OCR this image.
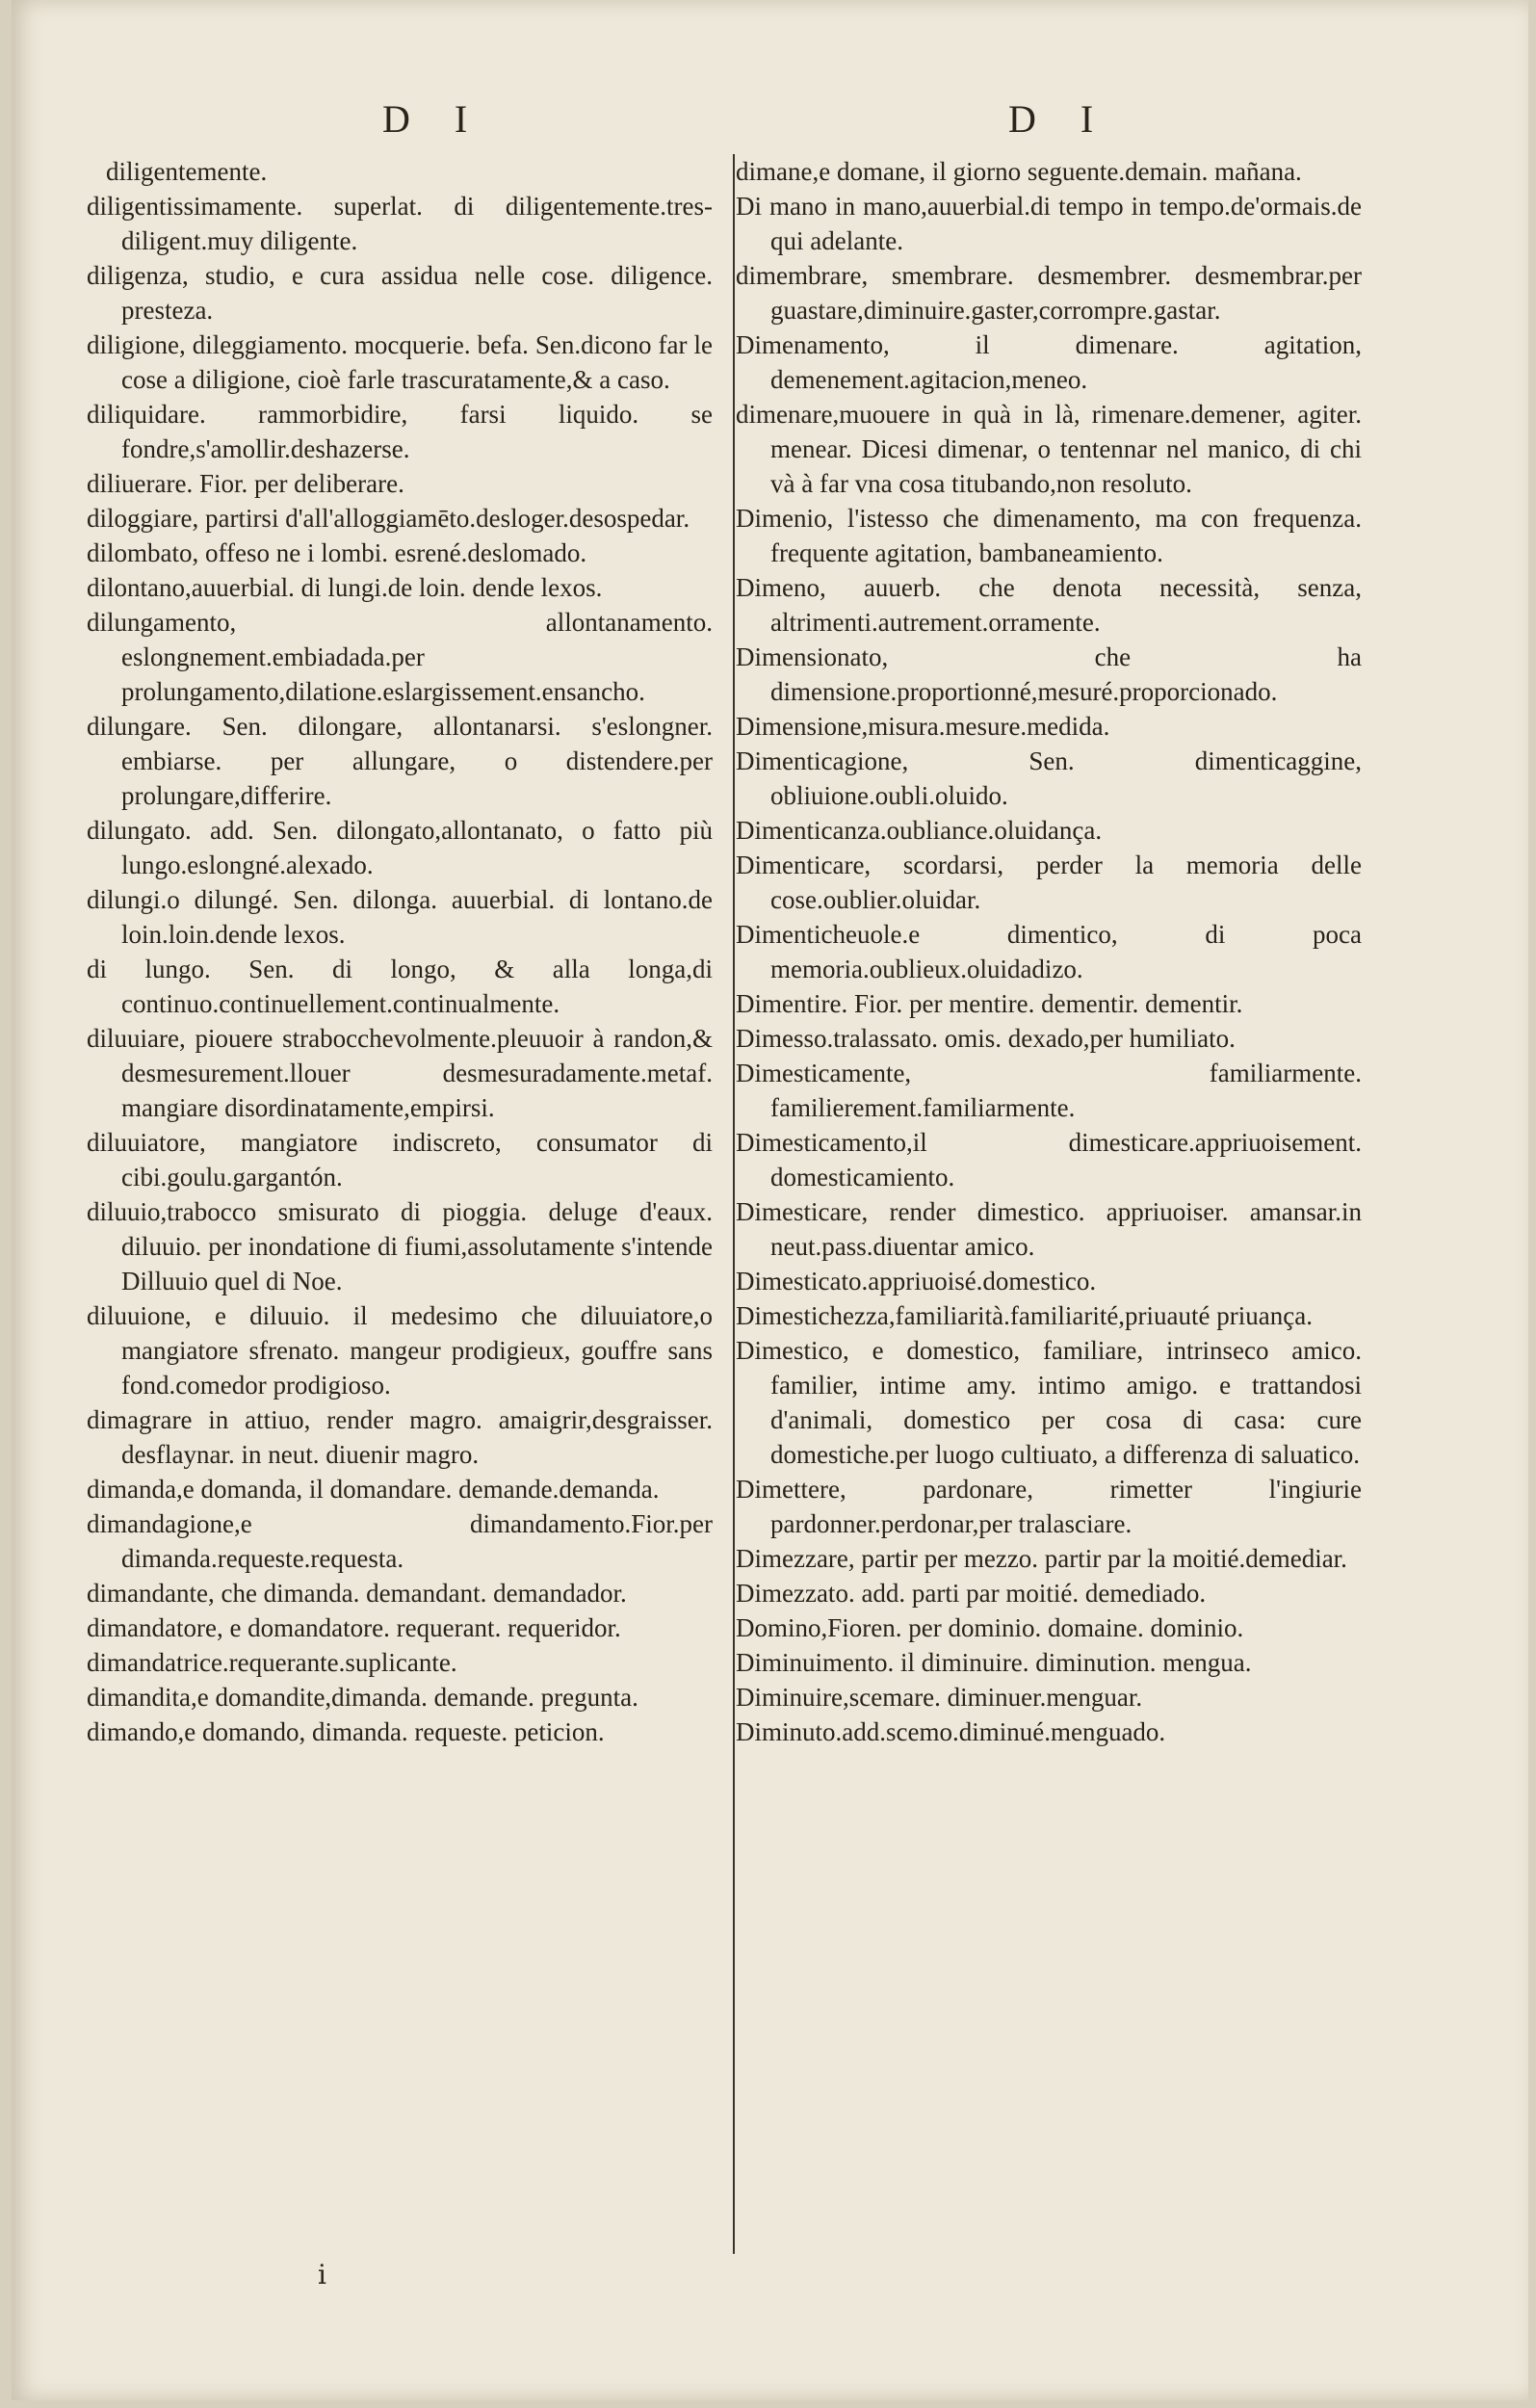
D I	D I

diligentemente.

diligentissimamente. superlat. di diligentemente.tres-diligent.muy diligente.

diligenza, studio, e cura assidua nelle cose. diligence. presteza.

diligione, dileggiamento. mocquerie. befa. Sen.dicono far le cose a diligione, cioè farle trascuratamente,& a caso.

diliquidare. rammorbidire, farsi liquido. se fondre,s'amollir.deshazerse.

diliuerare. Fior. per deliberare.

diloggiare, partirsi d'all'alloggiamēto.desloger.desospedar.

dilombato, offeso ne i lombi. esrené.deslomado.

dilontano,auuerbial. di lungi.de loin. dende lexos.

dilungamento, allontanamento. eslongnement.embiadada.per prolungamento,dilatione.eslargissement.ensancho.

dilungare. Sen. dilongare, allontanarsi. s'eslongner. embiarse. per allungare, o distendere.per prolungare,differire.

dilungato. add. Sen. dilongato,allontanato, o fatto più lungo.eslongné.alexado.

dilungi.o dilungé. Sen. dilonga. auuerbial. di lontano.de loin.loin.dende lexos.

di lungo. Sen. di longo, & alla longa,di continuo.continuellement.continualmente.

diluuiare, piouere strabocchevolmente.pleuuoir à randon,& desmesurement.llouer desmesuradamente.metaf. mangiare disordinatamente,empirsi.

diluuiatore, mangiatore indiscreto, consumator di cibi.goulu.gargantón.

diluuio,trabocco smisurato di pioggia. deluge d'eaux. diluuio. per inondatione di fiumi,assolutamente s'intende Dilluuio quel di Noe.

diluuione, e diluuio. il medesimo che diluuiatore,o mangiatore sfrenato. mangeur prodigieux, gouffre sans fond.comedor prodigioso.

dimagrare in attiuo, render magro. amaigrir,desgraisser. desflaynar. in neut. diuenir magro.

dimanda,e domanda, il domandare. demande.demanda.

dimandagione,e dimandamento.Fior.per dimanda.requeste.requesta.

dimandante, che dimanda. demandant. demandador.

dimandatore, e domandatore. requerant. requeridor.

dimandatrice.requerante.suplicante.

dimandita,e domandite,dimanda. demande. pregunta.

dimando,e domando, dimanda. requeste. peticion.

dimane,e domane, il giorno seguente.demain. mañana.

Di mano in mano,auuerbial.di tempo in tempo.de'ormais.de qui adelante.

dimembrare, smembrare. desmembrer. desmembrar.per guastare,diminuire.gaster,corrompre.gastar.

Dimenamento, il dimenare. agitation, demenement.agitacion,meneo.

dimenare,muouere in quà in là, rimenare.demener, agiter. menear. Dicesi dimenar, o tentennar nel manico, di chi và à far vna cosa titubando,non resoluto.

Dimenio, l'istesso che dimenamento, ma con frequenza. frequente agitation, bambaneamiento.

Dimeno, auuerb. che denota necessità, senza, altrimenti.autrement.orramente.

Dimensionato, che ha dimensione.proportionné,mesuré.proporcionado.

Dimensione,misura.mesure.medida.

Dimenticagione, Sen. dimenticaggine, obliuione.oubli.oluido.

Dimenticanza.oubliance.oluidança.

Dimenticare, scordarsi, perder la memoria delle cose.oublier.oluidar.

Dimenticheuole.e dimentico, di poca memoria.oublieux.oluidadizo.

Dimentire. Fior. per mentire. dementir. dementir.

Dimesso.tralassato. omis. dexado,per humiliato.

Dimesticamente, familiarmente. familierement.familiarmente.

Dimesticamento,il dimesticare.appriuoisement. domesticamiento.

Dimesticare, render dimestico. appriuoiser. amansar.in neut.pass.diuentar amico.

Dimesticato.appriuoisé.domestico.

Dimestichezza,familiarità.familiarité,priuauté priuança.

Dimestico, e domestico, familiare, intrinseco amico. familier, intime amy. intimo amigo. e trattandosi d'animali, domestico per cosa di casa: cure domestiche.per luogo cultiuato, a differenza di saluatico.

Dimettere, pardonare, rimetter l'ingiurie pardonner.perdonar,per tralasciare.

Dimezzare, partir per mezzo. partir par la moitié.demediar.

Dimezzato. add. parti par moitié. demediado.

Domino,Fioren. per dominio. domaine. dominio.

Diminuimento. il diminuire. diminution. mengua.

Diminuire,scemare. diminuer.menguar.

Diminuto.add.scemo.diminué.menguado.

i
